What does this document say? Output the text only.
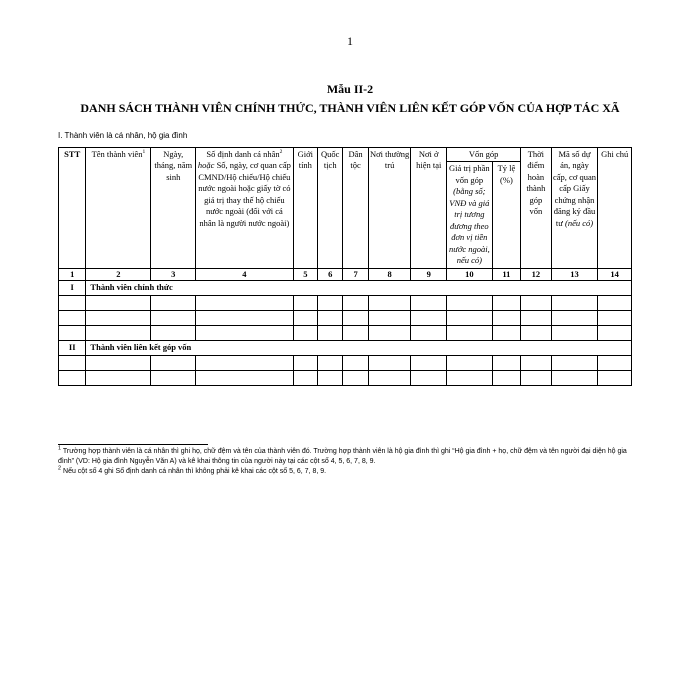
1
Mẫu II-2
DANH SÁCH THÀNH VIÊN CHÍNH THỨC, THÀNH VIÊN LIÊN KẾT GÓP VỐN CỦA HỢP TÁC XÃ
I. Thành viên là cá nhân, hộ gia đình
STT	Tên thành viên$^1$	Ngày, tháng, năm sinh	Số định danh cá nhân$^2$ hoặc Số, ngày, cơ quan cấp CMND/Hộ chiếu/Hộ chiếu nước ngoài hoặc giấy tờ có giá trị thay thế hộ chiếu nước ngoài (đối với cá nhân là người nước ngoài)	Giới tính	Quốc tịch	Dân tộc	Nơi thường trú	Nơi ở hiện tại	Vốn góp		Thời điểm hoàn thành góp vốn	Mã số dự án, ngày cấp, cơ quan cấp Giấy chứng nhận đăng ký đầu tư (nếu có)	Ghi chú
									Giá trị phần vốn góp (bằng số; VNĐ và giá trị tương đương theo đơn vị tiền nước ngoài, nếu có)	Tỷ lệ (%)			
1	2	3	4	5	6	7	8	9	10	11	12	13	14
I	Thành viên chính thức												

II	Thành viên liên kết góp vốn												

$^1$ Trường hợp thành viên là cá nhân thì ghi họ, chữ đệm và tên của thành viên đó. Trường hợp thành viên là hộ gia đình thì ghi “Hộ gia đình + họ, chữ đệm và tên người đại diện hộ gia đình” (VD: Hộ gia đình Nguyễn Văn A) và kê khai thông tin của người này tại các cột số 4, 5, 6, 7, 8, 9.

$^2$ Nếu cột số 4 ghi Số định danh cá nhân thì không phải kê khai các cột số 5, 6, 7, 8, 9.
